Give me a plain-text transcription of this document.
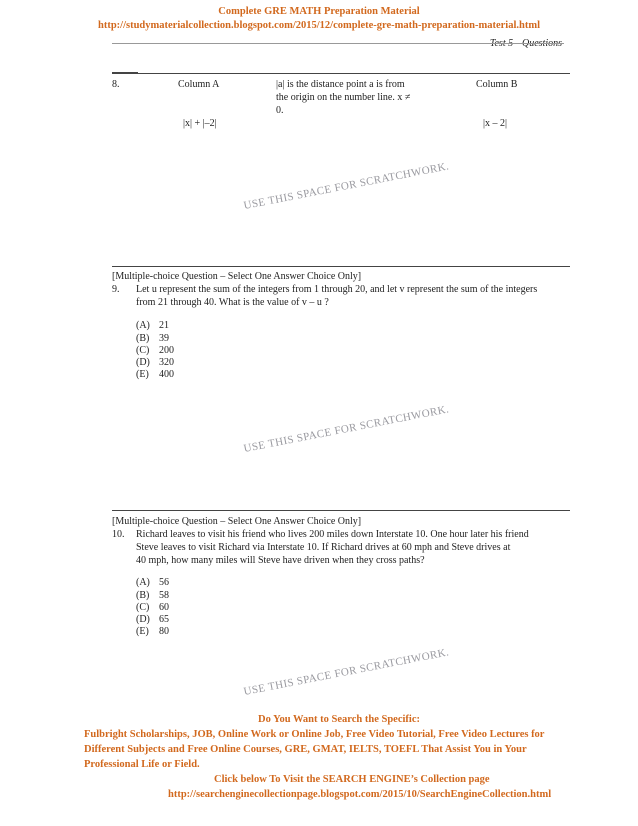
Complete GRE MATH Preparation Material
http://studymaterialcollection.blogspot.com/2015/12/complete-gre-math-preparation-material.html
Test 5—Questions
8.	Column A	Column B
|a| is the distance point a is from
the origin on the number line. x ≠
0.
|x| + |–2|	|x – 2|
USE THIS SPACE FOR SCRATCHWORK.
[Multiple-choice Question – Select One Answer Choice Only]
9. Let u represent the sum of the integers from 1 through 20, and let v represent the sum of the integers
from 21 through 40. What is the value of v – u ?
(A) 21
(B) 39
(C) 200
(D) 320
(E) 400
USE THIS SPACE FOR SCRATCHWORK.
[Multiple-choice Question – Select One Answer Choice Only]
10. Richard leaves to visit his friend who lives 200 miles down Interstate 10. One hour later his friend
Steve leaves to visit Richard via Interstate 10. If Richard drives at 60 mph and Steve drives at
40 mph, how many miles will Steve have driven when they cross paths?
(A) 56
(B) 58
(C) 60
(D) 65
(E) 80
USE THIS SPACE FOR SCRATCHWORK.
Do You Want to Search the Specific:
Fulbright Scholarships, JOB, Online Work or Online Job, Free Video Tutorial, Free Video Lectures for
Different Subjects and Free Online Courses, GRE, GMAT, IELTS, TOEFL That Assist You in Your
Professional Life or Field.
Click below To Visit the SEARCH ENGINE’s Collection page
http://searchenginecollectionpage.blogspot.com/2015/10/SearchEngineCollection.html
